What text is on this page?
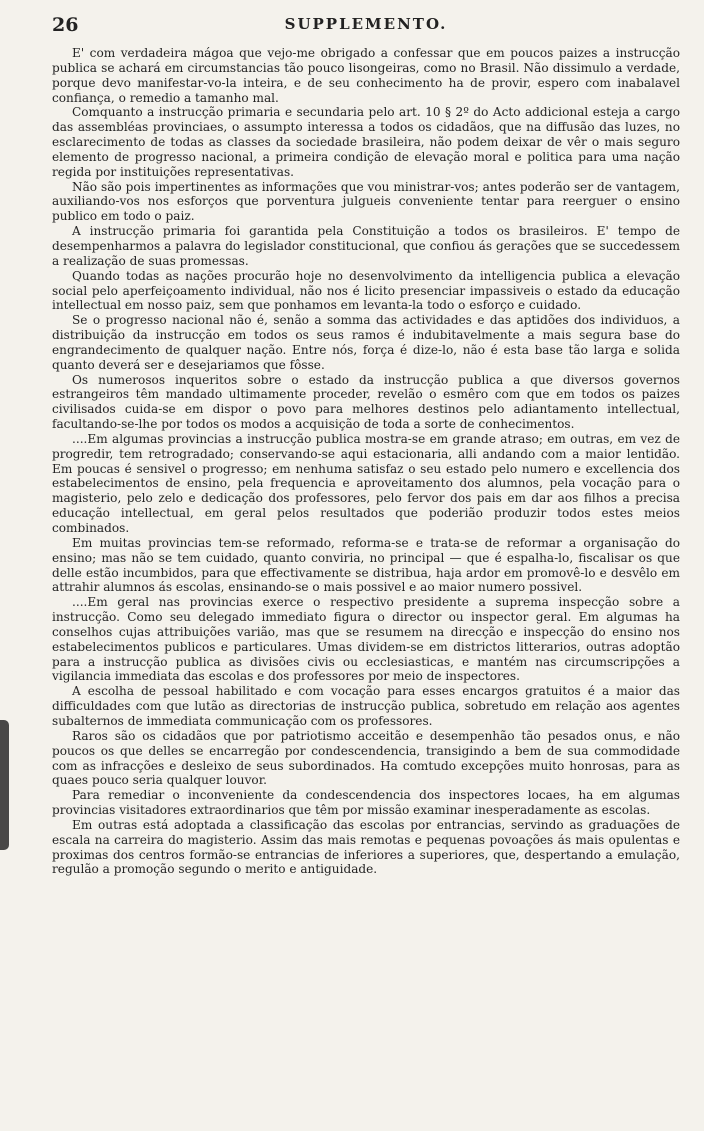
26	SUPPLEMENTO.

E' com verdadeira mágoa que vejo-me obrigado a confessar que em poucos paizes a instrucção publica se achará em circumstancias tão pouco lisongeiras, como no Brasil. Não dissimulo a verdade, porque devo manifestar-vo-la inteira, e de seu conhecimento ha de provir, espero com inabalavel confiança, o remedio a tamanho mal.

Comquanto a instrucção primaria e secundaria pelo art. 10 § 2º do Acto addicional esteja a cargo das assembléas provinciaes, o assumpto interessa a todos os cidadãos, que na diffusão das luzes, no esclarecimento de todas as classes da sociedade brasileira, não podem deixar de vêr o mais seguro elemento de progresso nacional, a primeira condição de elevação moral e politica para uma nação regida por instituições representativas.

Não são pois impertinentes as informações que vou ministrar-vos; antes poderão ser de vantagem, auxiliando-vos nos esforços que porventura julgueis conveniente tentar para reerguer o ensino publico em todo o paiz.

A instrucção primaria foi garantida pela Constituição a todos os brasileiros. E' tempo de desempenharmos a palavra do legislador constitucional, que confiou ás gerações que se succedessem a realização de suas promessas.

Quando todas as nações procurão hoje no desenvolvimento da intelligencia publica a elevação social pelo aperfeiçoamento individual, não nos é licito presenciar impassiveis o estado da educação intellectual em nosso paiz, sem que ponhamos em levanta-la todo o esforço e cuidado.

Se o progresso nacional não é, senão a somma das actividades e das aptidões dos individuos, a distribuição da instrucção em todos os seus ramos é indubitavelmente a mais segura base do engrandecimento de qualquer nação. Entre nós, força é dize-lo, não é esta base tão larga e solida quanto deverá ser e desejariamos que fôsse.

Os numerosos inqueritos sobre o estado da instrucção publica a que diversos governos estrangeiros têm mandado ultimamente proceder, revelão o esmêro com que em todos os paizes civilisados cuida-se em dispor o povo para melhores destinos pelo adiantamento intellectual, facultando-se-lhe por todos os modos a acquisição de toda a sorte de conhecimentos.

....Em algumas provincias a instrucção publica mostra-se em grande atraso; em outras, em vez de progredir, tem retrogradado; conservando-se aqui estacionaria, alli andando com a maior lentidão. Em poucas é sensivel o progresso; em nenhuma satisfaz o seu estado pelo numero e excellencia dos estabelecimentos de ensino, pela frequencia e aproveitamento dos alumnos, pela vocação para o magisterio, pelo zelo e dedicação dos professores, pelo fervor dos pais em dar aos filhos a precisa educação intellectual, em geral pelos resultados que poderião produzir todos estes meios combinados.

Em muitas provincias tem-se reformado, reforma-se e trata-se de reformar a organisação do ensino; mas não se tem cuidado, quanto conviria, no principal — que é espalha-lo, fiscalisar os que delle estão incumbidos, para que effectivamente se distribua, haja ardor em promovê-lo e desvêlo em attrahir alumnos ás escolas, ensinando-se o mais possivel e ao maior numero possivel.

....Em geral nas provincias exerce o respectivo presidente a suprema inspecção sobre a instrucção. Como seu delegado immediato figura o director ou inspector geral. Em algumas ha conselhos cujas attribuições varião, mas que se resumem na direcção e inspecção do ensino nos estabelecimentos publicos e particulares. Umas dividem-se em districtos litterarios, outras adoptão para a instrucção publica as divisões civis ou ecclesiasticas, e mantém nas circumscripções a vigilancia immediata das escolas e dos professores por meio de inspectores.

A escolha de pessoal habilitado e com vocação para esses encargos gratuitos é a maior das difficuldades com que lutão as directorias de instrucção publica, sobretudo em relação aos agentes subalternos de immediata communicação com os professores.

Raros são os cidadãos que por patriotismo acceitão e desempenhão tão pesados onus, e não poucos os que delles se encarregão por condescendencia, transigindo a bem de sua commodidade com as infracções e desleixo de seus subordinados. Ha comtudo excepções muito honrosas, para as quaes pouco seria qualquer louvor.

Para remediar o inconveniente da condescendencia dos inspectores locaes, ha em algumas provincias visitadores extraordinarios que têm por missão examinar inesperadamente as escolas.

Em outras está adoptada a classificação das escolas por entrancias, servindo as graduações de escala na carreira do magisterio. Assim das mais remotas e pequenas povoações ás mais opulentas e proximas dos centros formão-se entrancias de inferiores a superiores, que, despertando a emulação, regulão a promoção segundo o merito e antiguidade.
